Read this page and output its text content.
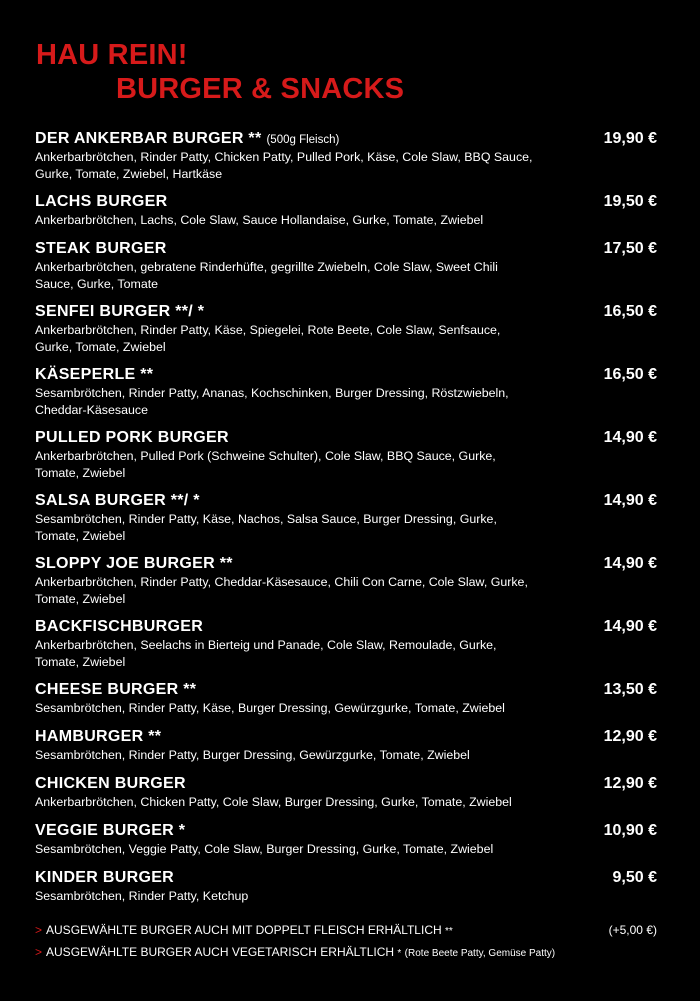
HAU REIN!
BURGER & SNACKS
DER ANKERBAR BURGER ** (500g Fleisch)	19,90 €
Ankerbarbrötchen, Rinder Patty, Chicken Patty, Pulled Pork, Käse, Cole Slaw, BBQ Sauce, Gurke, Tomate, Zwiebel, Hartkäse
LACHS BURGER	19,50 €
Ankerbarbrötchen, Lachs, Cole Slaw, Sauce Hollandaise, Gurke, Tomate, Zwiebel
STEAK BURGER	17,50 €
Ankerbarbrötchen, gebratene Rinderhüfte, gegrillte Zwiebeln, Cole Slaw, Sweet Chili Sauce, Gurke, Tomate
SENFEI BURGER **/ *	16,50 €
Ankerbarbrötchen, Rinder Patty, Käse, Spiegelei, Rote Beete, Cole Slaw, Senfsauce, Gurke, Tomate, Zwiebel
KÄSEPERLE **	16,50 €
Sesambrötchen, Rinder Patty, Ananas, Kochschinken, Burger Dressing, Röstzwiebeln, Cheddar-Käsesauce
PULLED PORK BURGER	14,90 €
Ankerbarbrötchen, Pulled Pork (Schweine Schulter), Cole Slaw, BBQ Sauce, Gurke, Tomate, Zwiebel
SALSA BURGER **/ *	14,90 €
Sesambrötchen, Rinder Patty, Käse, Nachos, Salsa Sauce, Burger Dressing, Gurke, Tomate, Zwiebel
SLOPPY JOE BURGER **	14,90 €
Ankerbarbrötchen, Rinder Patty, Cheddar-Käsesauce, Chili Con Carne, Cole Slaw, Gurke, Tomate, Zwiebel
BACKFISCHBURGER	14,90 €
Ankerbarbrötchen, Seelachs in Bierteig und Panade, Cole Slaw, Remoulade, Gurke, Tomate, Zwiebel
CHEESE BURGER **	13,50 €
Sesambrötchen, Rinder Patty, Käse, Burger Dressing, Gewürzgurke, Tomate, Zwiebel
HAMBURGER **	12,90 €
Sesambrötchen, Rinder Patty, Burger Dressing, Gewürzgurke, Tomate, Zwiebel
CHICKEN BURGER	12,90 €
Ankerbarbrötchen, Chicken Patty, Cole Slaw, Burger Dressing, Gurke, Tomate, Zwiebel
VEGGIE BURGER *	10,90 €
Sesambrötchen, Veggie Patty, Cole Slaw, Burger Dressing, Gurke, Tomate, Zwiebel
KINDER BURGER	9,50 €
Sesambrötchen, Rinder Patty, Ketchup
> AUSGEWÄHLTE BURGER AUCH MIT DOPPELT FLEISCH ERHÄLTLICH **	(+5,00 €)
> AUSGEWÄHLTE BURGER AUCH VEGETARISCH ERHÄLTLICH * (Rote Beete Patty, Gemüse Patty)
